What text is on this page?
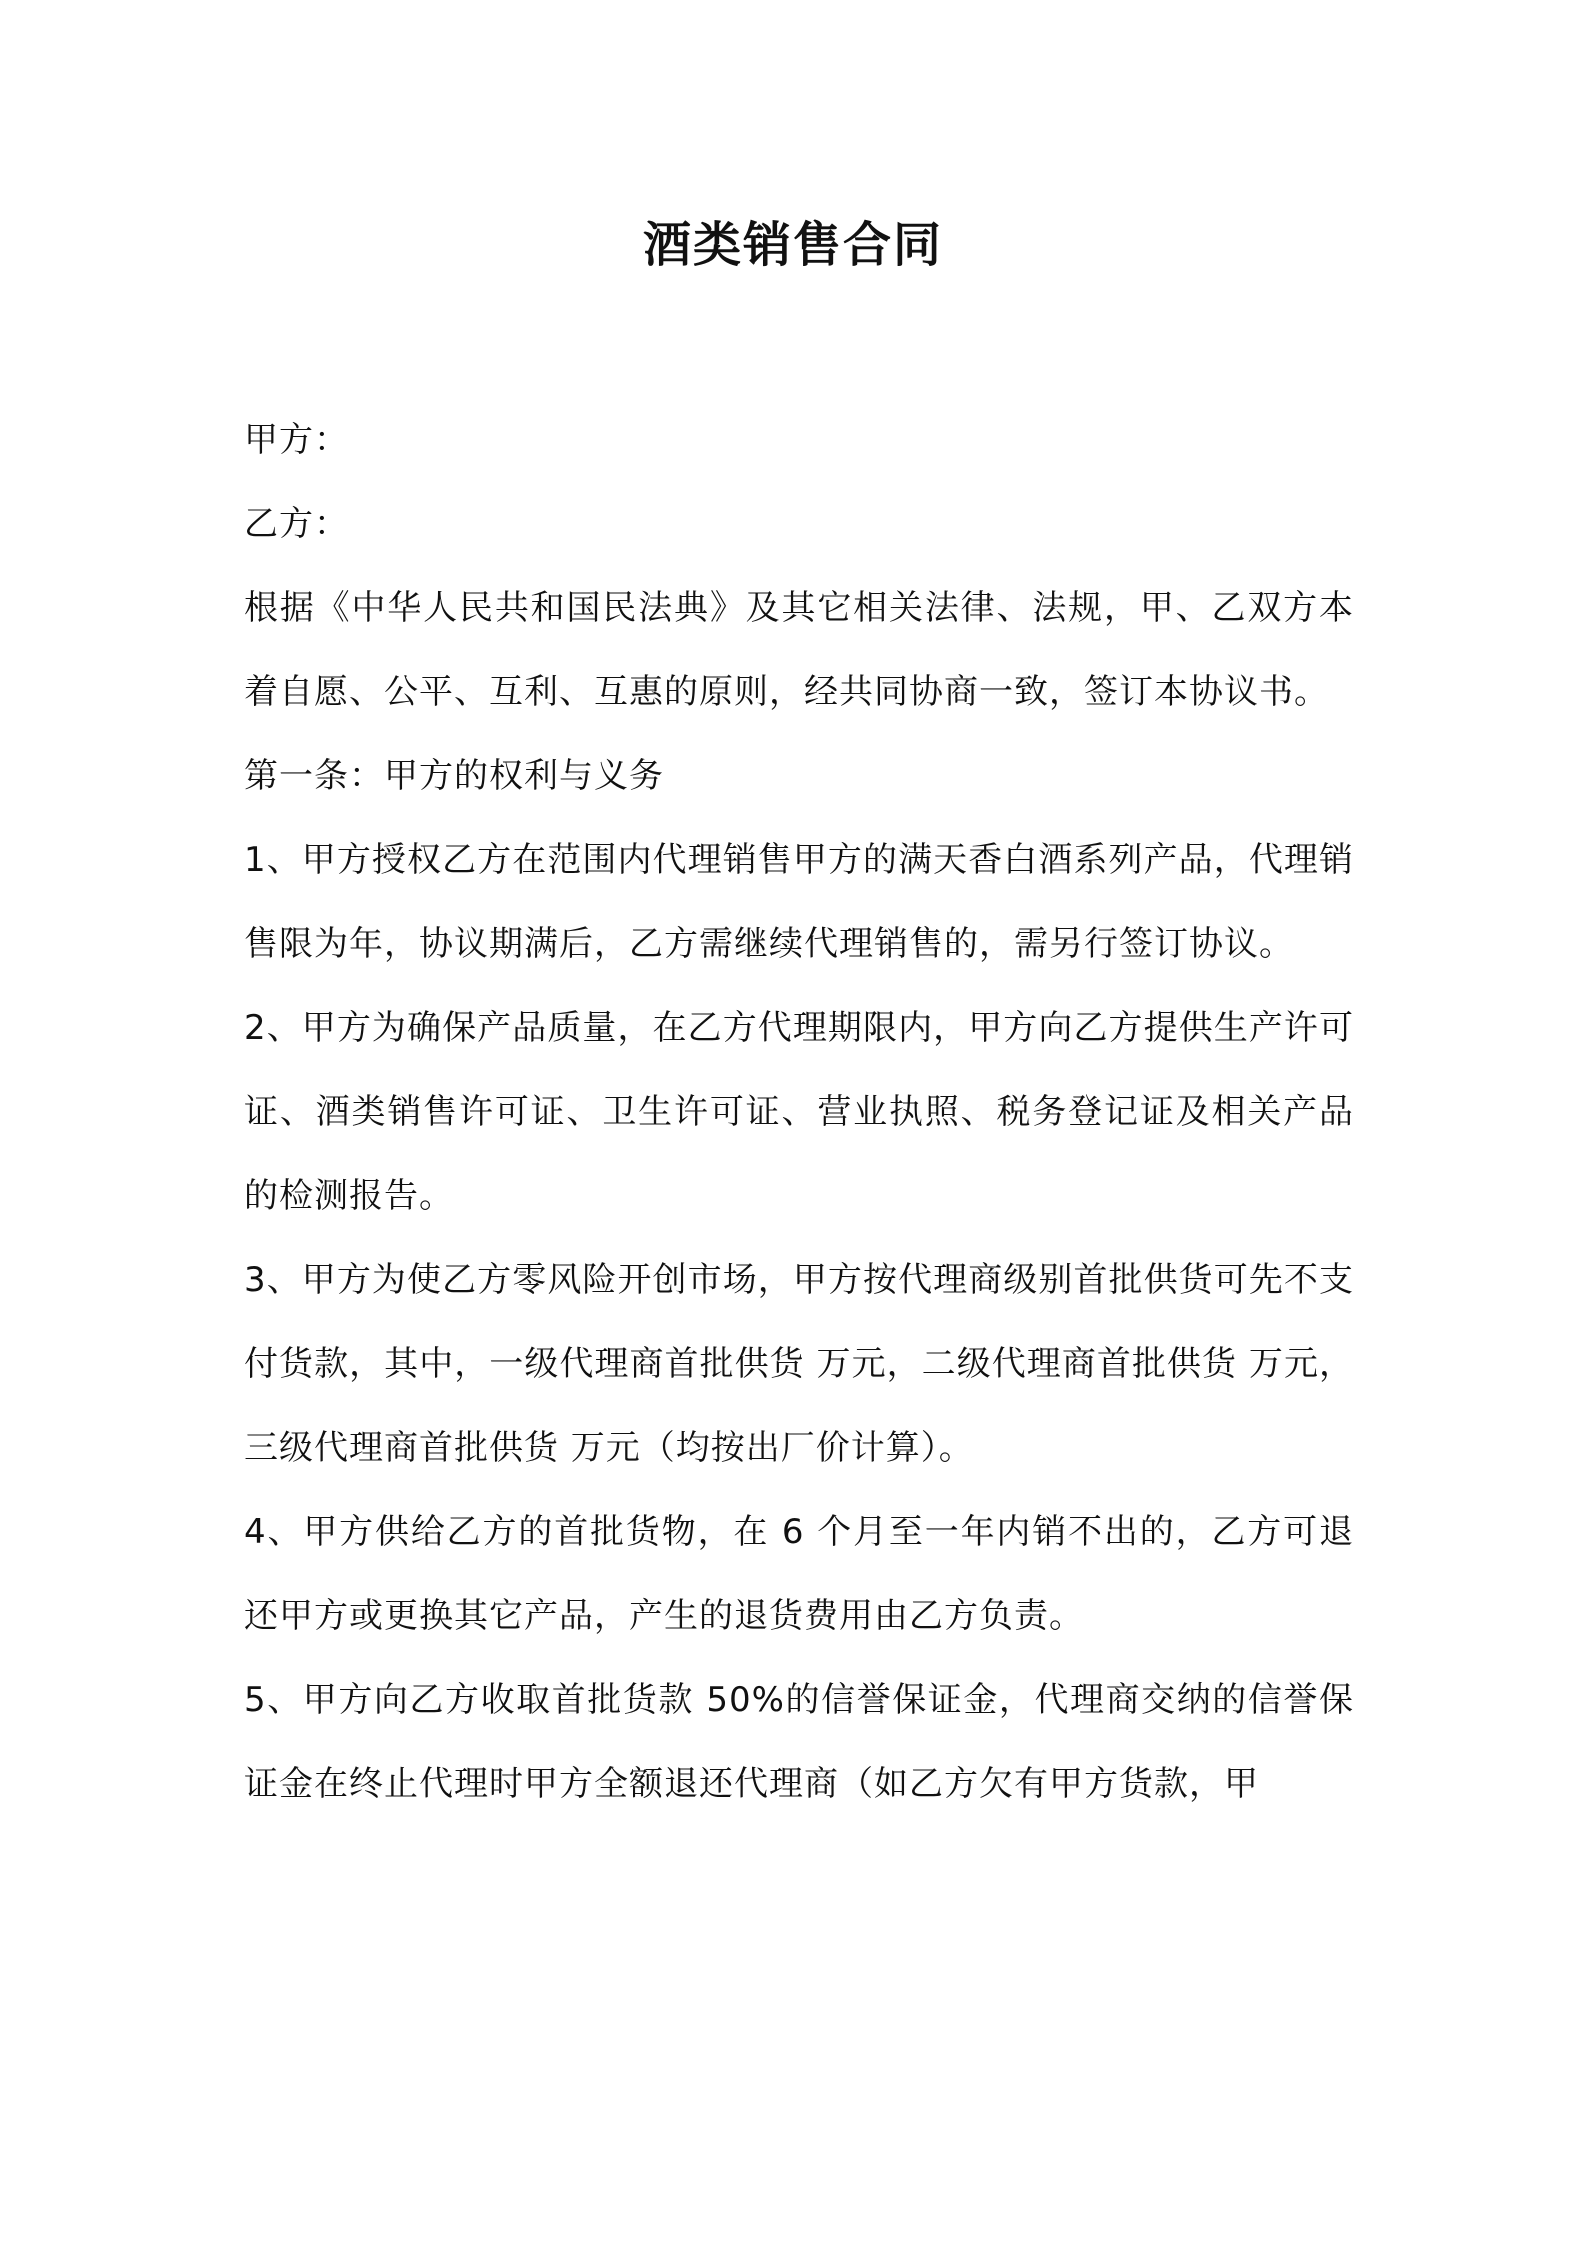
酒类销售合同

甲方：

乙方：

根据《中华人民共和国民法典》及其它相关法律、法规，甲、乙双方本着自愿、公平、互利、互惠的原则，经共同协商一致，签订本协议书。

第一条：甲方的权利与义务

1、甲方授权乙方在范围内代理销售甲方的满天香白酒系列产品，代理销售限为年，协议期满后，乙方需继续代理销售的，需另行签订协议。

2、甲方为确保产品质量，在乙方代理期限内，甲方向乙方提供生产许可证、酒类销售许可证、卫生许可证、营业执照、税务登记证及相关产品的检测报告。

3、甲方为使乙方零风险开创市场，甲方按代理商级别首批供货可先不支付货款，其中，一级代理商首批供货 万元，二级代理商首批供货 万元，三级代理商首批供货 万元（均按出厂价计算）。

4、甲方供给乙方的首批货物，在 6 个月至一年内销不出的，乙方可退还甲方或更换其它产品，产生的退货费用由乙方负责。

5、甲方向乙方收取首批货款 50%的信誉保证金，代理商交纳的信誉保证金在终止代理时甲方全额退还代理商（如乙方欠有甲方货款，甲
